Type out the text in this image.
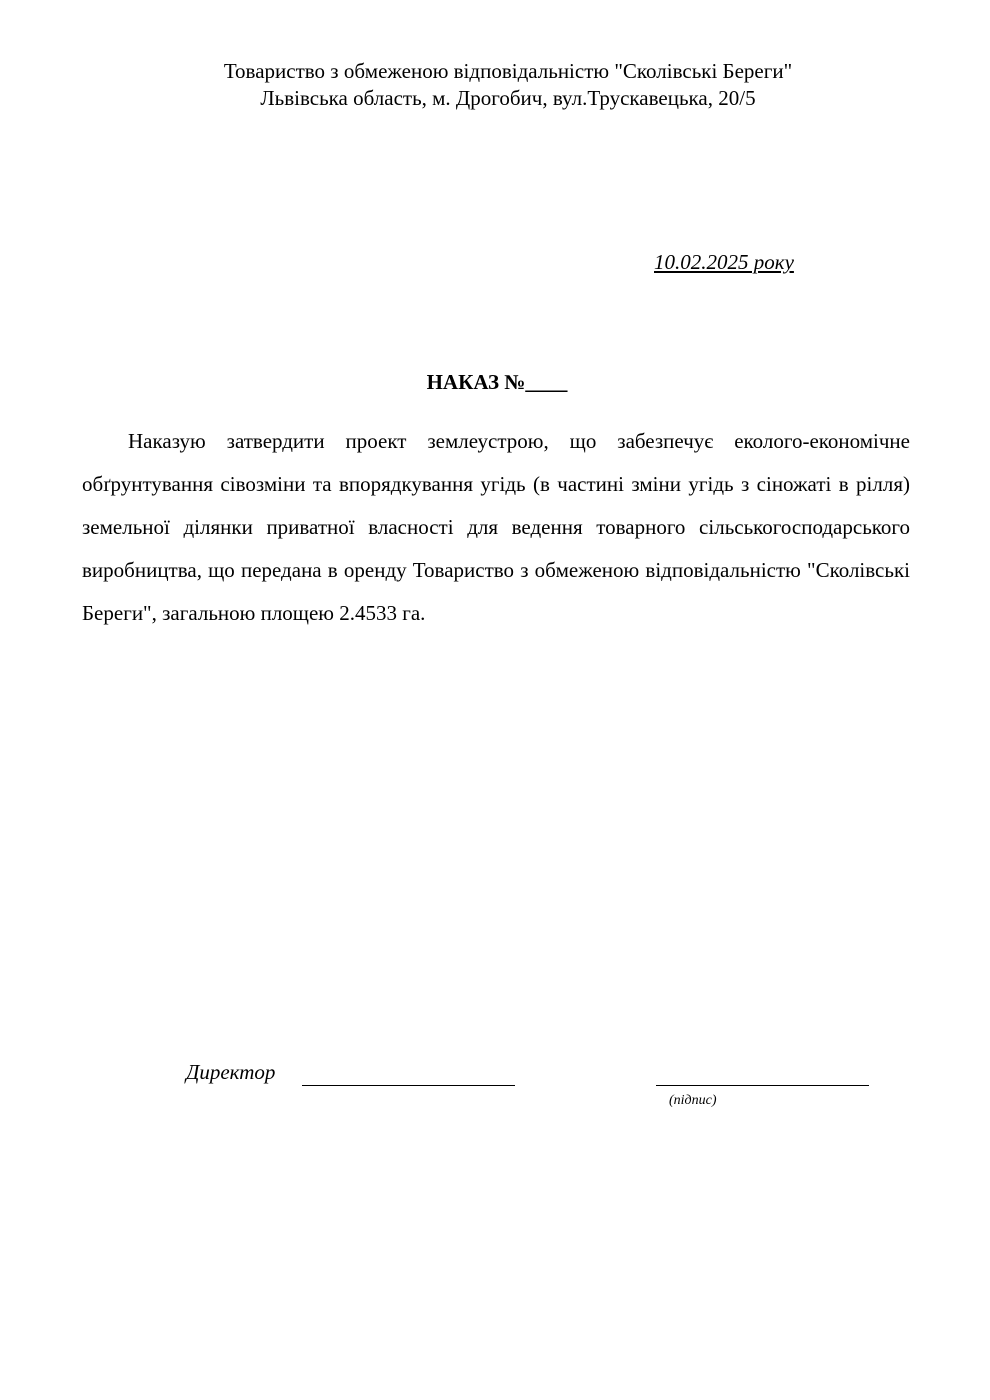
Товариство з обмеженою відповідальністю "Сколівські Береги"
Львівська область, м. Дрогобич, вул.Трускавецька, 20/5
10.02.2025 року
НАКАЗ №____
Наказую затвердити проект землеустрою, що забезпечує еколого-економічне обґрунтування сівозміни та впорядкування угідь (в частині зміни угідь з сіножаті в рілля) земельної ділянки приватної власності для ведення товарного сільськогосподарського виробництва, що передана в оренду Товариство з обмеженою відповідальністю "Сколівські Береги", загальною площею 2.4533 га.
Директор
(підпис)
